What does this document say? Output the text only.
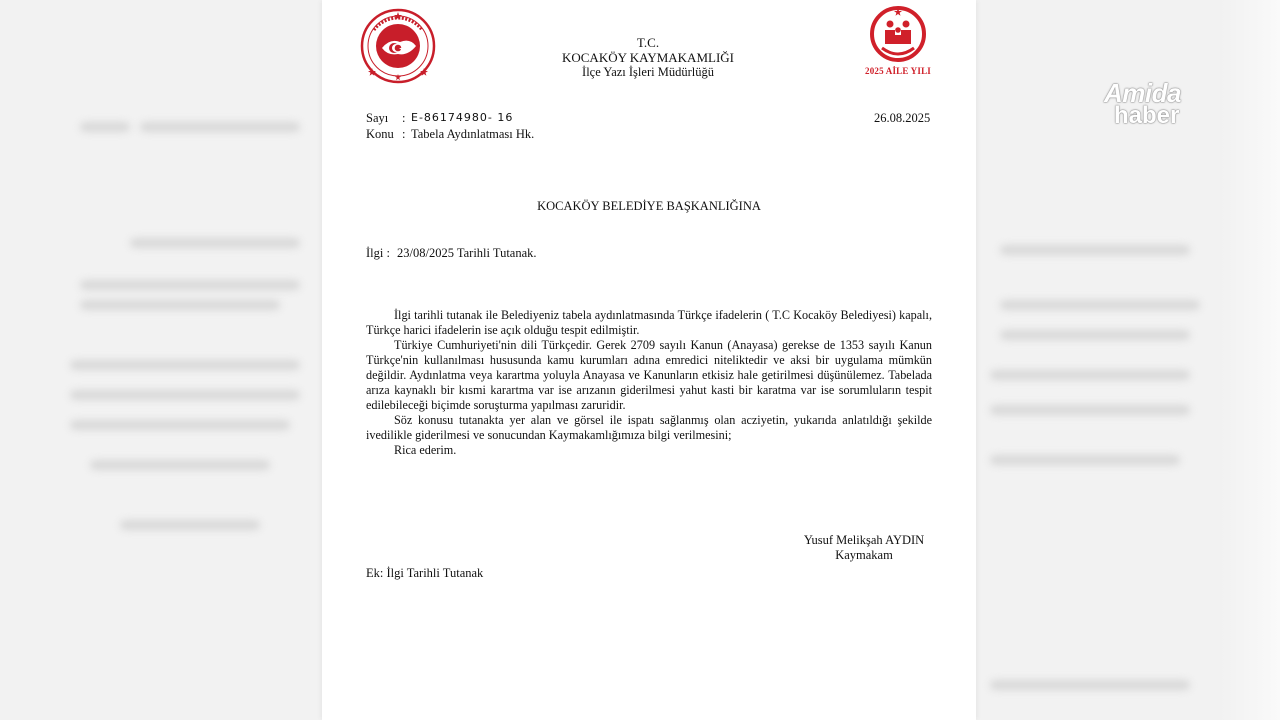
T.C.
KOCAKÖY KAYMAKAMLIĞI
İlçe Yazı İşleri Müdürlüğü	2025 AİLE YILI
Sayı : E-86174980- 16	26.08.2025
Konu : Tabela Aydınlatması Hk.
KOCAKÖY BELEDİYE BAŞKANLIĞINA
İlgi : 23/08/2025 Tarihli Tutanak.

İlgi tarihli tutanak ile Belediyeniz tabela aydınlatmasında Türkçe ifadelerin ( T.C Kocaköy Belediyesi) kapalı, Türkçe harici ifadelerin ise açık olduğu tespit edilmiştir.

Türkiye Cumhuriyeti'nin dili Türkçedir. Gerek 2709 sayılı Kanun (Anayasa) gerekse de 1353 sayılı Kanun Türkçe'nin kullanılması hususunda kamu kurumları adına emredici niteliktedir ve aksi bir uygulama mümkün değildir. Aydınlatma veya karartma yoluyla Anayasa ve Kanunların etkisiz hale getirilmesi düşünülemez. Tabelada arıza kaynaklı bir kısmi karartma var ise arızanın giderilmesi yahut kasti bir karatma var ise sorumluların tespit edilebileceği biçimde soruşturma yapılması zaruridir.

Söz konusu tutanakta yer alan ve görsel ile ispatı sağlanmış olan acziyetin, yukarıda anlatıldığı şekilde ivedilikle giderilmesi ve sonucundan Kaymakamlığımıza bilgi verilmesini;

Rica ederim.

Yusuf Melikşah AYDIN
Kaymakam
Ek: İlgi Tarihli Tutanak
Amida
haber
